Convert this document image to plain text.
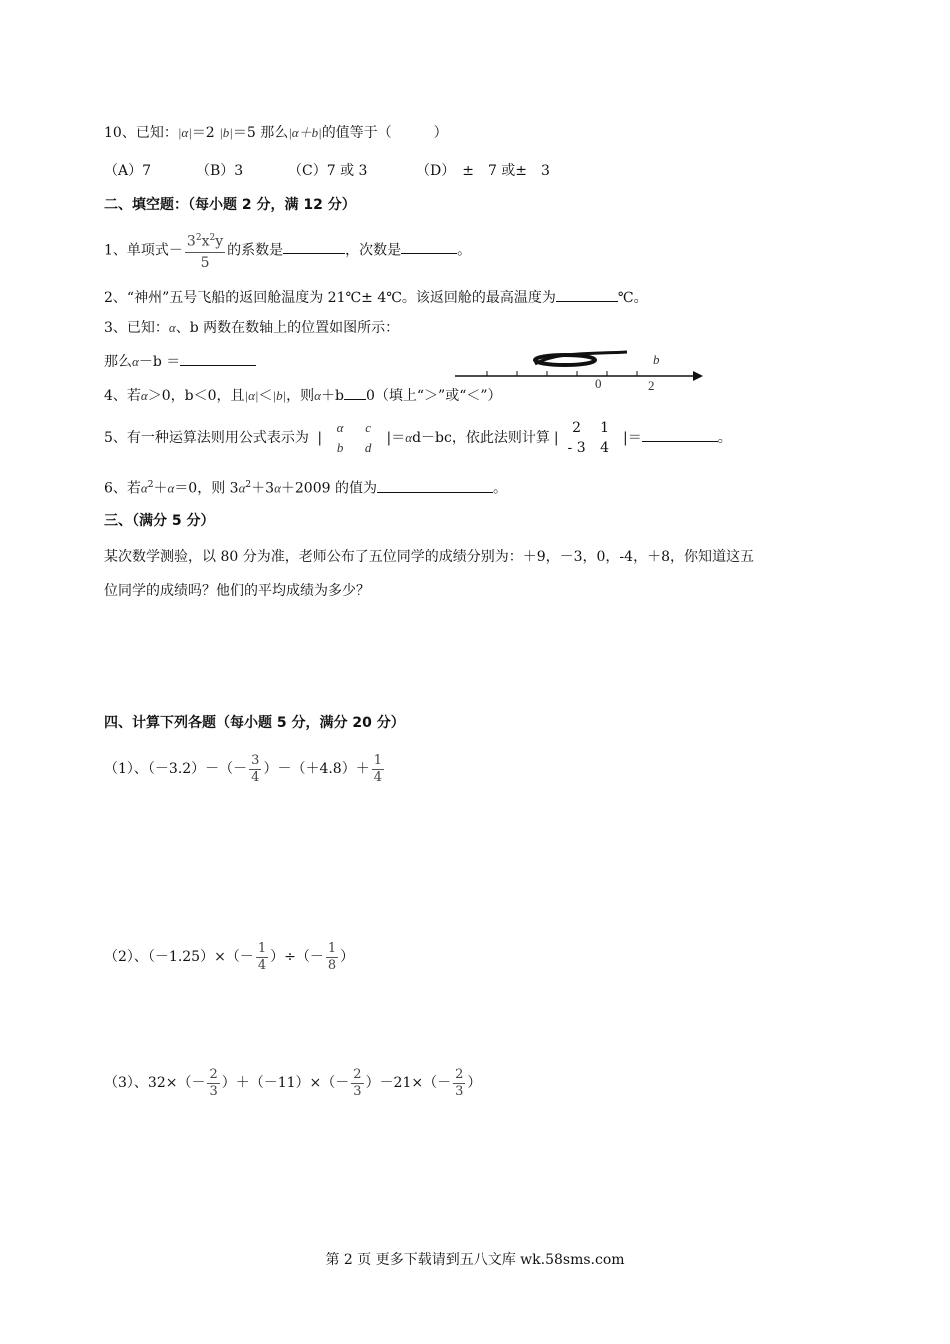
10、已知：|α|＝2 |b|＝5 那么|α＋b|的值等于（　　　）
（A）7	（B）3	（C）7 或 3	（D）　±　7 或±　3
二、填空题：（每小题 2 分，满 12 分）
1、单项式－ $\frac{3^2x^2y}{5}$ 的系数是	，次数是	。
2、“神州”五号飞船的返回舱温度为 21℃± 4℃。该返回舱的最高温度为	℃。
3、已知：α、b 两数在数轴上的位置如图所示：
那么α－b ＝	b
2
0
4、若α＞0，b＜0，且|α|＜|b|，则α＋b 0（填上“＞”或“＜”）
5、有一种运算法则用公式表示为 |
α c
b d
|＝αd－bc，依此法则计算 |
2 1
- 3 4
|＝	。
6、若$\alpha^2+\alpha=0$，则 $3\alpha^2+3\alpha+2009$ 的值为	。
三、（满分 5 分）
某次数学测验，以 80 分为准，老师公布了五位同学的成绩分别为：＋9，－3，0，-4，＋8，你知道这五
位同学的成绩吗？他们的平均成绩为多少？
四、计算下列各题（每小题 5 分，满分 20 分）
（1）、$(-3.2)-(- \frac{3}{4} )-(+4.8)+ \frac{1}{4}$
（2）、$(-1.25)\times(- \frac{1}{4}$ ）÷（－ $\frac{1}{8}$ ）
（3）、$32\times(- \frac{2}{3} )+(-11)\times(- \frac{2}{3} )-21\times(- \frac{2}{3}$ ）
第 2 页 更多下载请到五八文库 wk.58sms.com
